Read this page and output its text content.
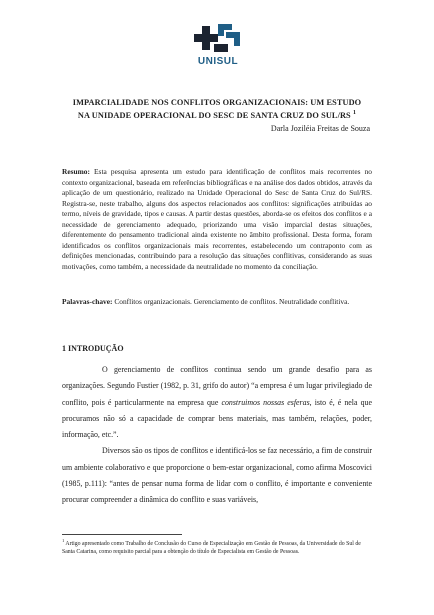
UNISUL
IMPARCIALIDADE NOS CONFLITOS ORGANIZACIONAIS: UM ESTUDO
NA UNIDADE OPERACIONAL DO SESC DE SANTA CRUZ DO SUL/RS $^1$
Darla Joziléia Freitas de Souza
Resumo: Esta pesquisa apresenta um estudo para identificação de conflitos mais recorrentes no contexto organizacional, baseada em referências bibliográficas e na análise dos dados obtidos, através da aplicação de um questionário, realizado na Unidade Operacional do Sesc de Santa Cruz do Sul/RS. Registra-se, neste trabalho, alguns dos aspectos relacionados aos conflitos: significações atribuídas ao termo, níveis de gravidade, tipos e causas. A partir destas questões, aborda-se os efeitos dos conflitos e a necessidade de gerenciamento adequado, priorizando uma visão imparcial destas situações, diferentemente do pensamento tradicional ainda existente no âmbito profissional. Desta forma, foram identificados os conflitos organizacionais mais recorrentes, estabelecendo um contraponto com as definições mencionadas, contribuindo para a resolução das situações conflitivas, considerando as suas motivações, como também, a necessidade da neutralidade no momento da conciliação.
Palavras-chave: Conflitos organizacionais. Gerenciamento de conflitos. Neutralidade conflitiva.
1 INTRODUÇÃO

O gerenciamento de conflitos continua sendo um grande desafio para as organizações. Segundo Fustier (1982, p. 31, grifo do autor) “a empresa é um lugar privilegiado de conflito, pois é particularmente na empresa que construimos nossas esferas, isto é, é nela que procuramos não só a capacidade de comprar bens materiais, mas também, relações, poder, informação, etc.”.

Diversos são os tipos de conflitos e identificá-los se faz necessário, a fim de construir um ambiente colaborativo e que proporcione o bem-estar organizacional, como afirma Moscovici (1985, p.111): “antes de pensar numa forma de lidar com o conflito, é importante e conveniente procurar compreender a dinâmica do conflito e suas variáveis,

$^1$ Artigo apresentado como Trabalho de Conclusão do Curso de Especialização em Gestão de Pessoas, da Universidade do Sul de Santa Catarina, como requisito parcial para a obtenção do título de Especialista em Gestão de Pessoas.
